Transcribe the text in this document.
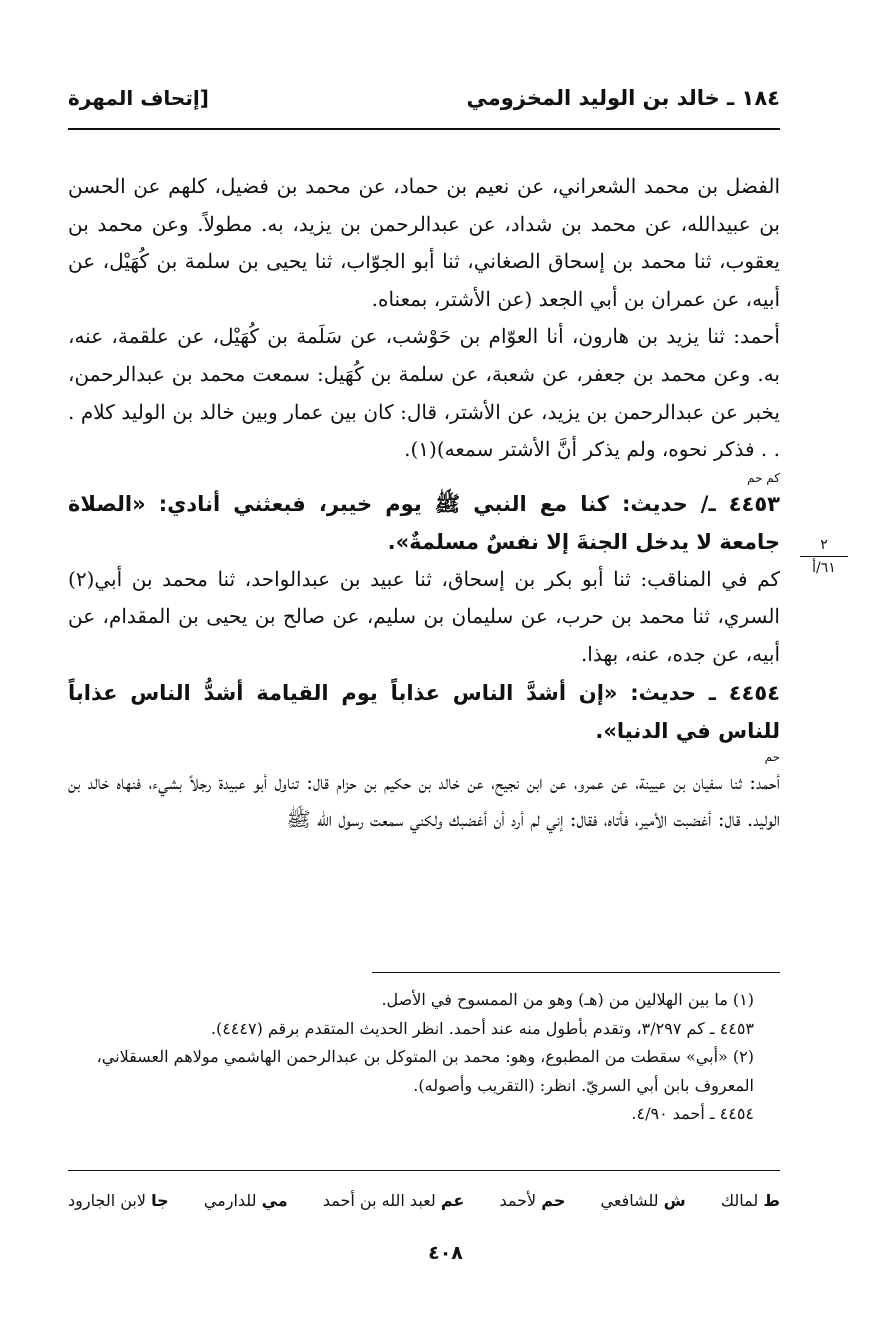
١٨٤ ـ خالد بن الوليد المخزومي
[إتحاف المهرة
٢
٦١/أ

الفضل بن محمد الشعراني، عن نعيم بن حماد، عن محمد بن فضيل، كلهم عن الحسن بن عبيدالله، عن محمد بن شداد، عن عبدالرحمن بن يزيد، به. مطولاً. وعن محمد بن يعقوب، ثنا محمد بن إسحاق الصغاني، ثنا أبو الجوّاب، ثنا يحيى بن سلمة بن كُهَيْل، عن أبيه، عن عمران بن أبي الجعد (عن الأشتر، بمعناه.

أحمد: ثنا يزيد بن هارون، أنا العوّام بن حَوْشب، عن سَلَمة بن كُهَيْل، عن علقمة، عنه، به. وعن محمد بن جعفر، عن شعبة، عن سلمة بن كُهَيل: سمعت محمد بن عبدالرحمن، يخبر عن عبدالرحمن بن يزيد، عن الأشتر، قال: كان بين عمار وبين خالد بن الوليد كلام . . . فذكر نحوه، ولم يذكر أنَّ الأشتر سمعه)(١).

كم حم
٤٤٥٣ ـ/ حديث: كنا مع النبي ﷺ يوم خيبر، فبعثني أنادي: «الصلاة جامعة لا يدخل الجنةَ إلا نفسٌ مسلمةٌ».

كم في المناقب: ثنا أبو بكر بن إسحاق، ثنا عبيد بن عبدالواحد، ثنا محمد بن أبي(٢) السري، ثنا محمد بن حرب، عن سليمان بن سليم، عن صالح بن يحيى بن المقدام، عن أبيه، عن جده، عنه، بهذا.

٤٤٥٤ ـ حديث: «إن أشدَّ الناس عذاباً يوم القيامة أشدُّ الناس عذاباً للناس في الدنيا».
حم

أحمد: ثنا سفيان بن عيينة، عن عمرو، عن ابن نجيح، عن خالد بن حكيم بن حزام قال: تناول أبو عبيدة رجلاً بشيء، فنهاه خالد بن الوليد. قال: أغضبت الأمير، فأتاه، فقال: إني لم أرد أن أغضبك ولكني سمعت رسول الله ﷺ

(١) ما بين الهلالين من (هـ) وهو من الممسوح في الأصل.

٤٤٥٣ ـ كم ٣/٢٩٧، وتقدم بأطول منه عند أحمد. انظر الحديث المتقدم برقم (٤٤٤٧).

(٢) «أبي» سقطت من المطبوع، وهو: محمد بن المتوكل بن عبدالرحمن الهاشمي مولاهم العسقلاني، المعروف بابن أبي السريّ. انظر: (التقريب وأصوله).

٤٤٥٤ ـ أحمد ٤/٩٠.

ط لمالك
ش للشافعي
حم لأحمد
عم لعبد الله بن أحمد
مي للدارمي
جا لابن الجارود
٤٠٨
